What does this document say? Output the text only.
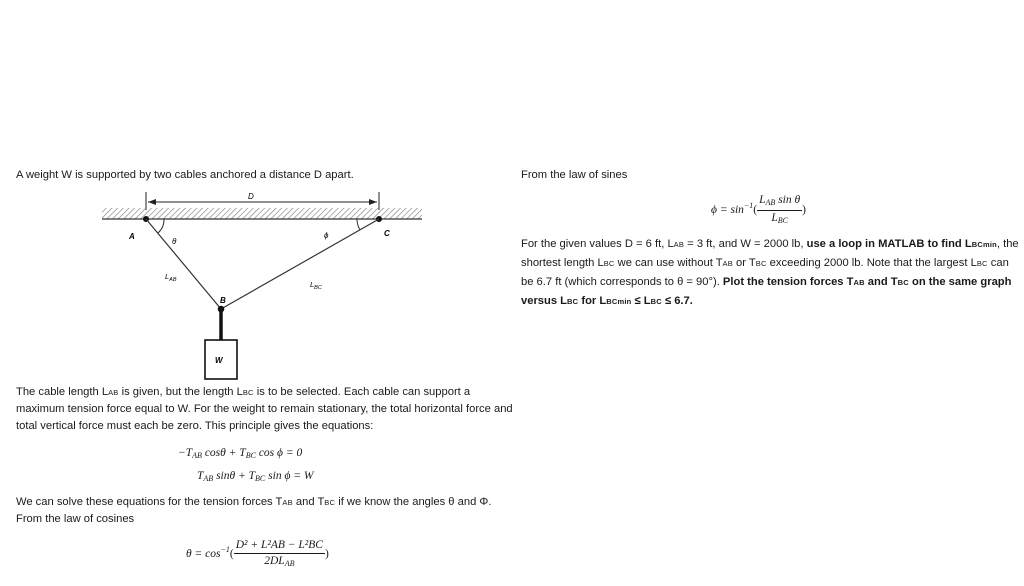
A weight W is supported by two cables anchored a distance D apart.

D
A	C
θ
ϕ
$L_{AB}$	$L_{BC}$
B
W

The cable length LAB is given, but the length LBC is to be selected. Each cable can support a maximum tension force equal to W. For the weight to remain stationary, the total horizontal force and total vertical force must each be zero. This principle gives the equations:

−TAB cosθ + TBC cos ϕ = 0
TAB sinθ + TBC sin ϕ = W

We can solve these equations for the tension forces TAB and TBC if we know the angles θ and Φ. From the law of cosines

$\theta = \cos^{-1}( \frac{\text{D² + L²AB − L²BC}}{\text{2DLAB}}$ )

From the law of sines

$\phi = \sin^{-1}( \frac{\text{LAB sin θ}}{\text{LBC}}$ )

For the given values D = 6 ft, LAB = 3 ft, and W = 2000 lb, use a loop in MATLAB to find LBCmin, the shortest length LBC we can use without TAB or TBC exceeding 2000 lb. Note that the largest LBC can be 6.7 ft (which corresponds to θ = 90°). Plot the tension forces TAB and TBC on the same graph versus LBC for LBCmin ≤ LBC ≤ 6.7.
